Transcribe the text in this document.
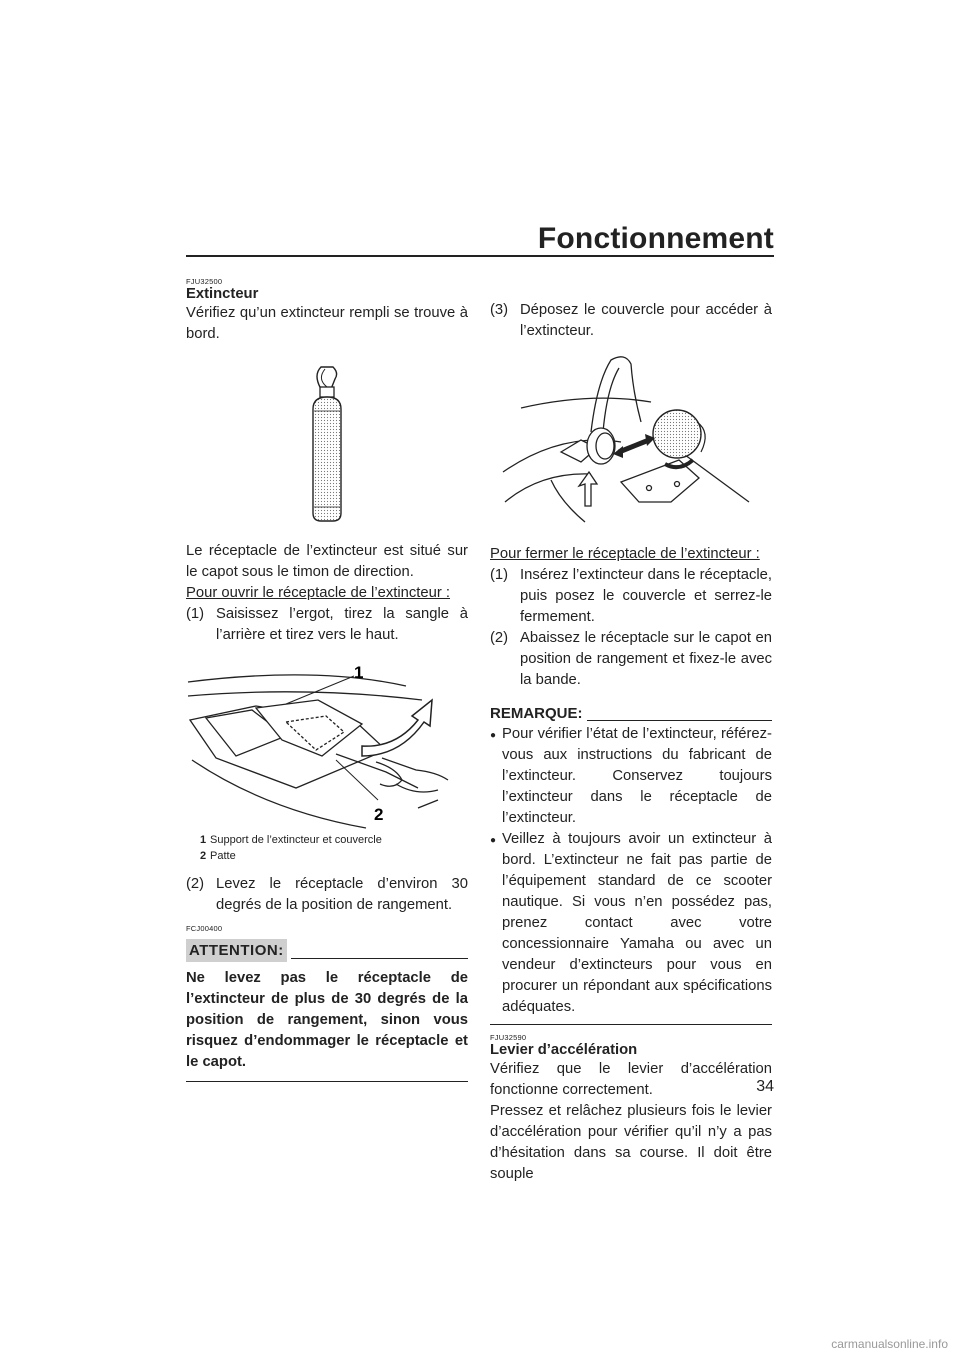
Fonctionnement
FJU32500
Extincteur

Vérifiez qu’un extincteur rempli se trouve à bord.

Le réceptacle de l’extincteur est situé sur le capot sous le timon de direction.

Pour ouvrir le réceptacle de l’extincteur :

(1) Saisissez l’ergot, tirez la sangle à l’arrière et tirez vers le haut.
1
2
1 Support de l’extincteur et couvercle
2 Patte
(2) Levez le réceptacle d’environ 30 degrés de la position de rangement.
FCJ00400
ATTENTION:

Ne levez pas le réceptacle de l’extincteur de plus de 30 degrés de la position de rangement, sinon vous risquez d’endommager le réceptacle et le capot.

(3) Déposez le couvercle pour accéder à l’extincteur.

Pour fermer le réceptacle de l’extincteur :

(1) Insérez l’extincteur dans le réceptacle, puis posez le couvercle et serrez-le fermement.
(2) Abaissez le réceptacle sur le capot en position de rangement et fixez-le avec la bande.
REMARQUE:
● Pour vérifier l’état de l’extincteur, référez-vous aux instructions du fabricant de l’extincteur. Conservez toujours l’extincteur dans le réceptacle de l’extincteur.
● Veillez à toujours avoir un extincteur à bord. L’extincteur ne fait pas partie de l’équipement standard de ce scooter nautique. Si vous n’en possédez pas, prenez contact avec votre concessionnaire Yamaha ou avec un vendeur d’extincteurs pour vous en procurer un répondant aux spécifications adéquates.
FJU32590
Levier d’accélération

Vérifiez que le levier d’accélération fonctionne correctement.

Pressez et relâchez plusieurs fois le levier d’accélération pour vérifier qu’il n’y a pas d’hésitation dans sa course. Il doit être souple

34
carmanualsonline.info
